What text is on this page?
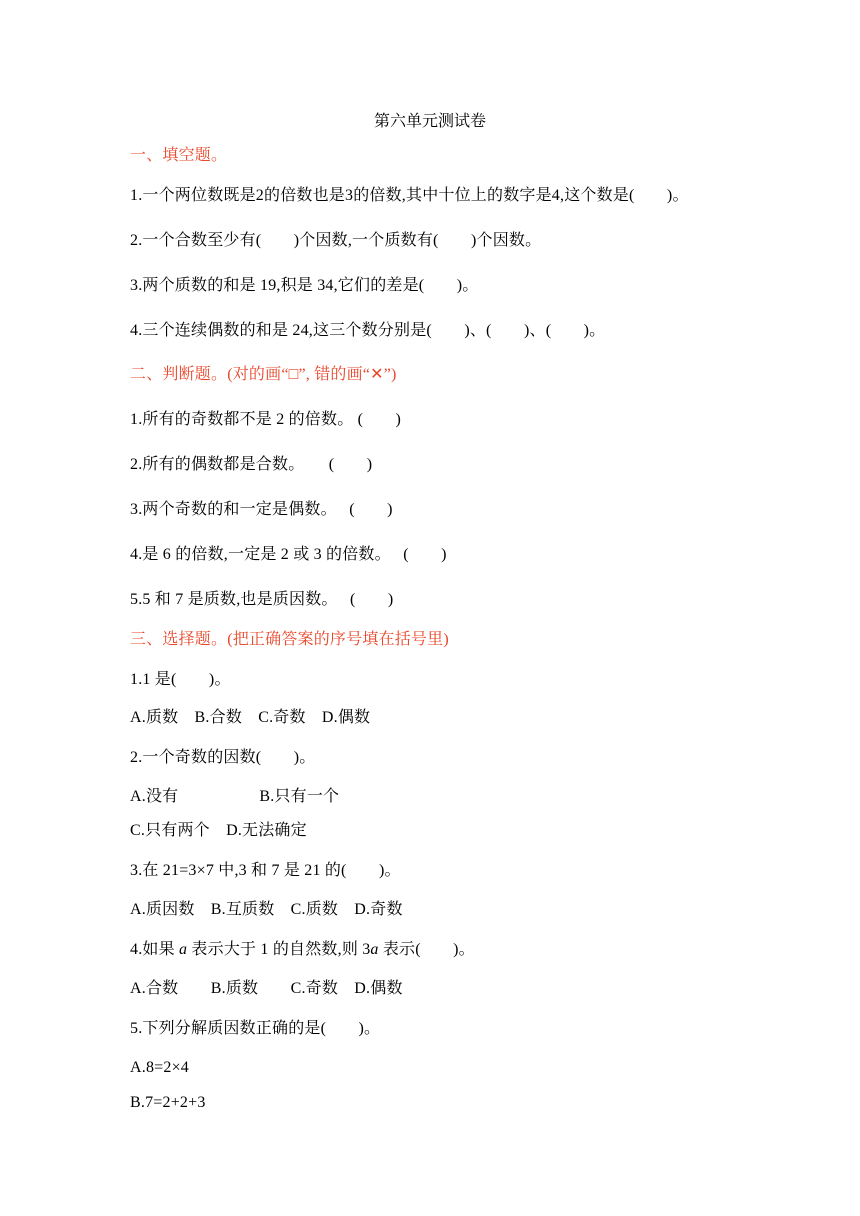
第六单元测试卷
一、填空题。
1.一个两位数既是2的倍数也是3的倍数,其中十位上的数字是4,这个数是(　　)。
2.一个合数至少有(　　)个因数,一个质数有(　　)个因数。
3.两个质数的和是 19,积是 34,它们的差是(　　)。
4.三个连续偶数的和是 24,这三个数分别是(　　)、(　　)、(　　)。
二、判断题。(对的画“□”, 错的画“✕”)
1.所有的奇数都不是 2 的倍数。 (　　)
2.所有的偶数都是合数。　　(　　)
3.两个奇数的和一定是偶数。　 (　　)
4.是 6 的倍数,一定是 2 或 3 的倍数。　 (　　)
5.5 和 7 是质数,也是质因数。　 (　　)
三、选择题。(把正确答案的序号填在括号里)
1.1 是(　　)。
A.质数　B.合数　C.奇数　D.偶数
2.一个奇数的因数(　　)。
A.没有　　　　　B.只有一个
C.只有两个　D.无法确定
3.在 21=3×7 中,3 和 7 是 21 的(　　)。
A.质因数　B.互质数　C.质数　D.奇数
4.如果 a 表示大于 1 的自然数,则 3a 表示(　　)。
A.合数　　B.质数　　C.奇数　D.偶数
5.下列分解质因数正确的是(　　)。
A.8=2×4
B.7=2+2+3
